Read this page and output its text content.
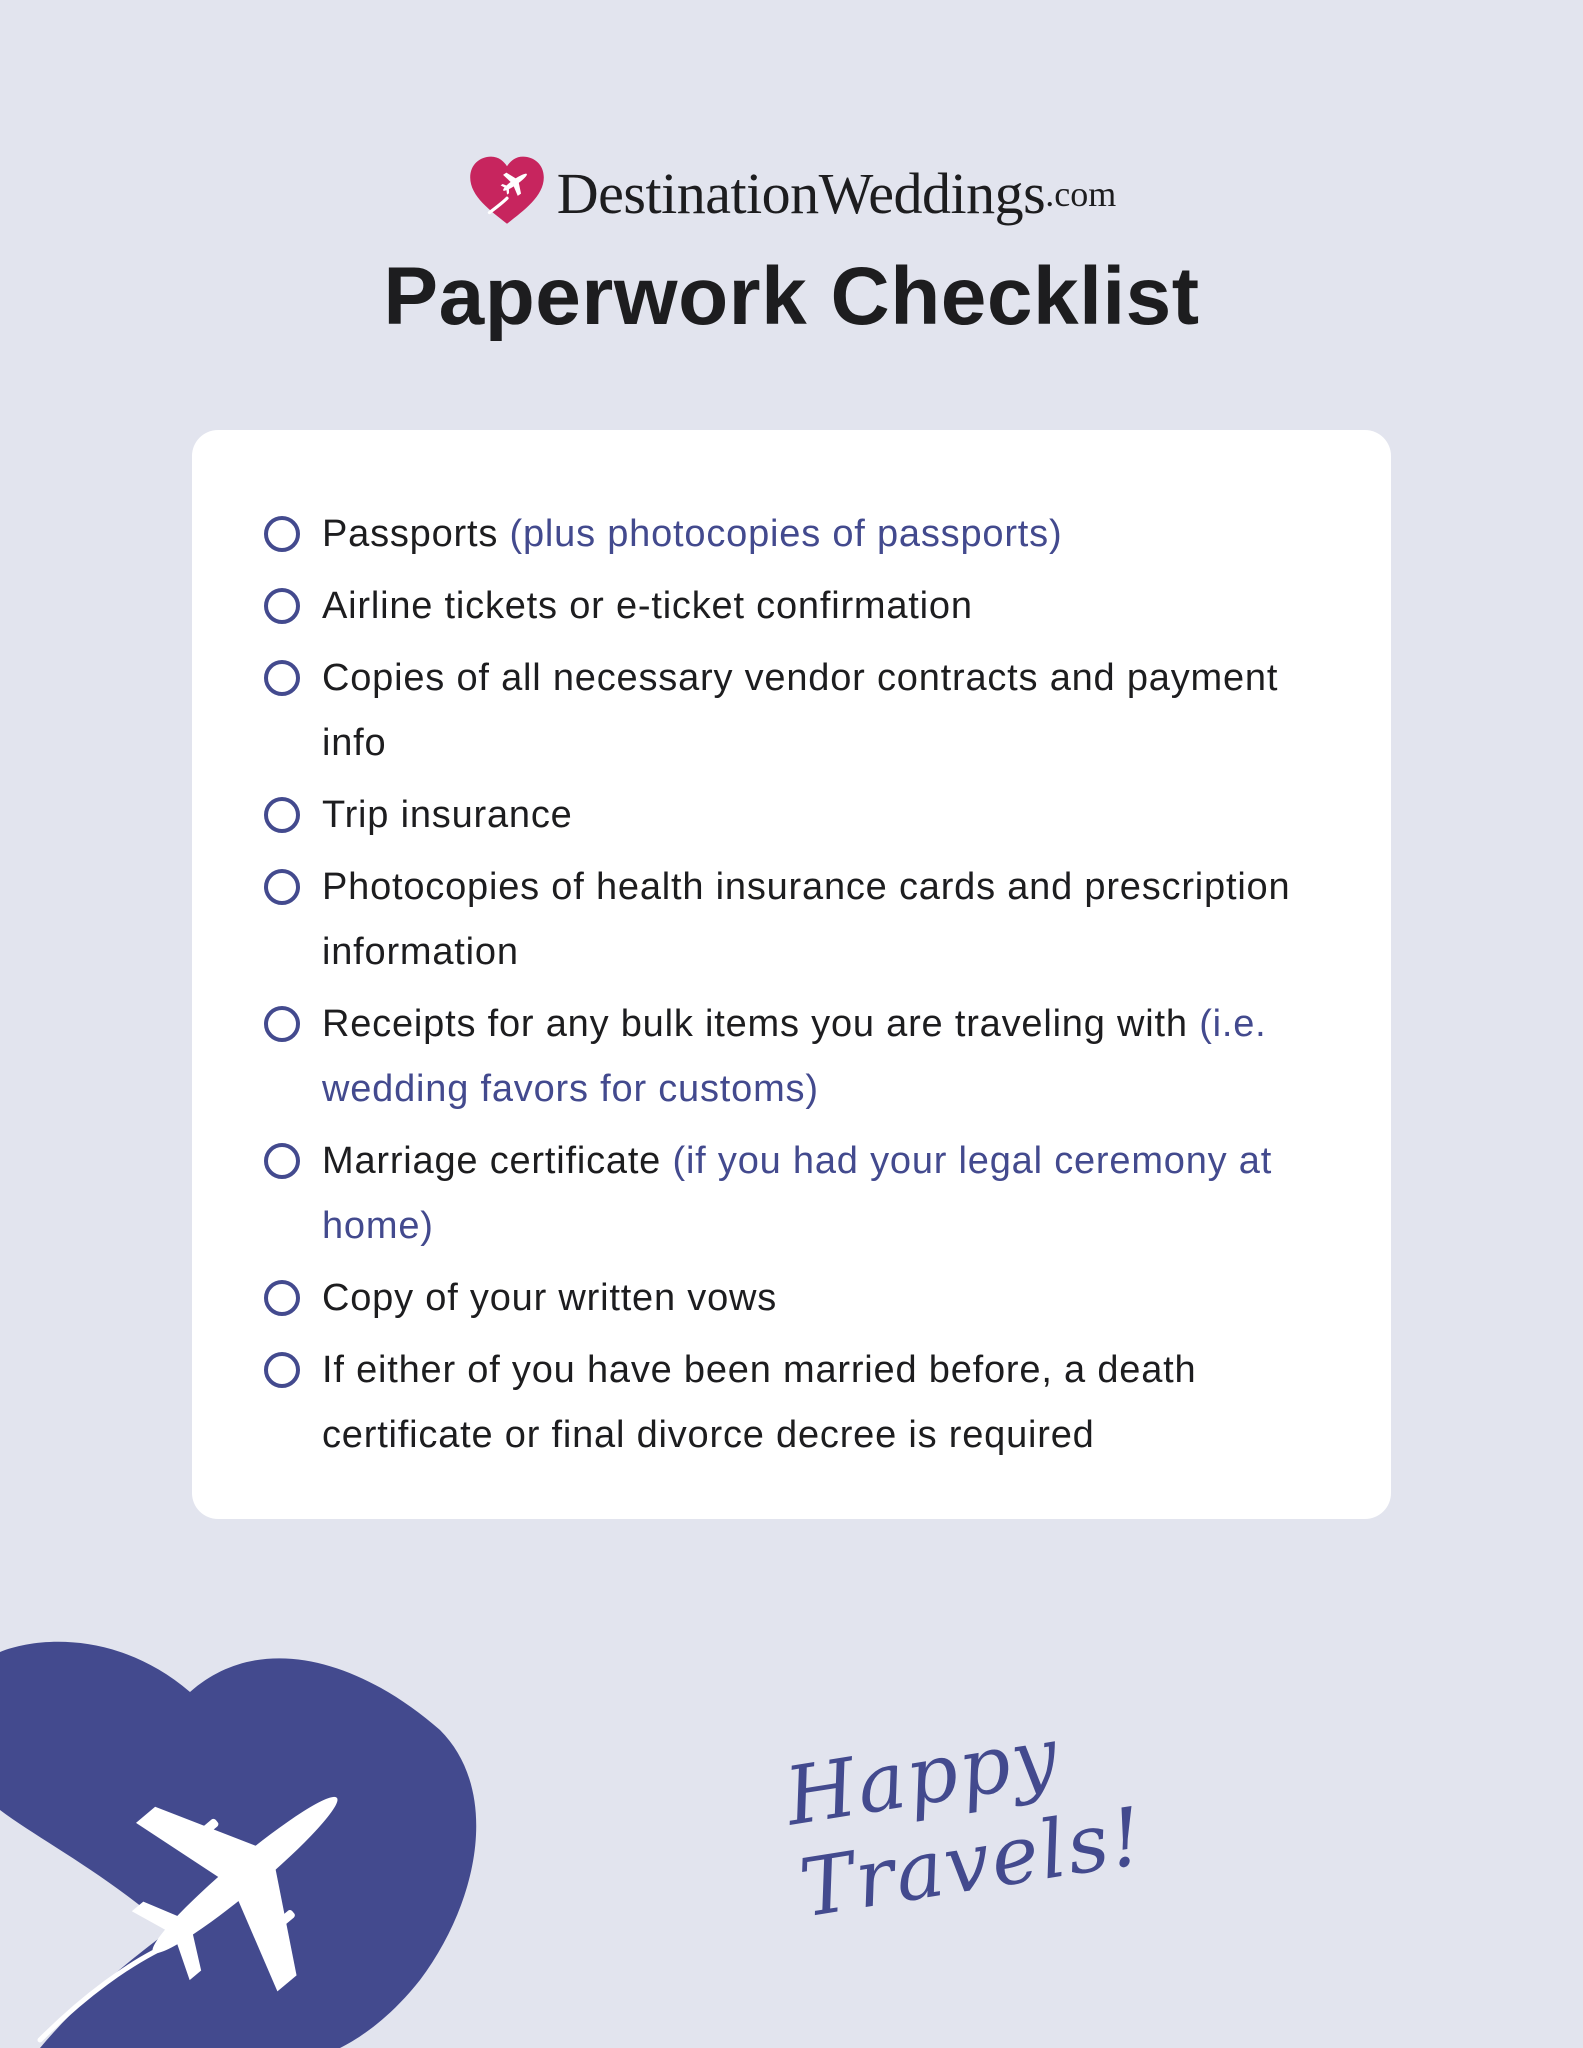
DestinationWeddings .com
Paperwork Checklist
Passports (plus photocopies of passports)
Airline tickets or e-ticket confirmation
Copies of all necessary vendor contracts and payment info
Trip insurance
Photocopies of health insurance cards and prescription information
Receipts for any bulk items you are traveling with (i.e. wedding favors for customs)
Marriage certificate (if you had your legal ceremony at home)
Copy of your written vows
If either of you have been married before, a death certificate or final divorce decree is required
Happy Travels!
